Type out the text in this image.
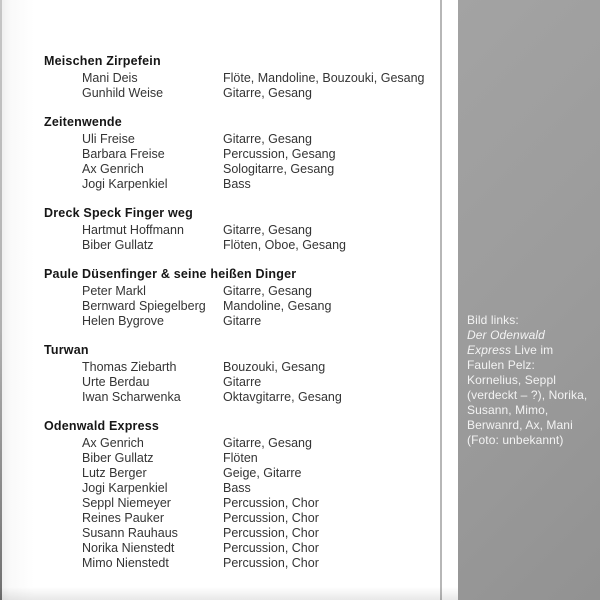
Meischen Zirpefein
Mani Deis	Flöte, Mandoline, Bouzouki, Gesang
Gunhild Weise	Gitarre, Gesang
Zeitenwende
Uli Freise	Gitarre, Gesang
Barbara Freise	Percussion, Gesang
Ax Genrich	Sologitarre, Gesang
Jogi Karpenkiel	Bass
Dreck Speck Finger weg
Hartmut Hoffmann	Gitarre, Gesang
Biber Gullatz	Flöten, Oboe, Gesang
Paule Düsenfinger & seine heißen Dinger
Peter Markl	Gitarre, Gesang
Bernward Spiegelberg	Mandoline, Gesang
Helen Bygrove	Gitarre
Turwan
Thomas Ziebarth	Bouzouki, Gesang
Urte Berdau	Gitarre
Iwan Scharwenka	Oktavgitarre, Gesang
Odenwald Express
Ax Genrich	Gitarre, Gesang
Biber Gullatz	Flöten
Lutz Berger	Geige, Gitarre
Jogi Karpenkiel	Bass
Seppl Niemeyer	Percussion, Chor
Reines Pauker	Percussion, Chor
Susann Rauhaus	Percussion, Chor
Norika Nienstedt	Percussion, Chor
Mimo Nienstedt	Percussion, Chor

Bild links:
Der Odenwald
Express Live im
Faulen Pelz:
Kornelius, Seppl
(verdeckt – ?), Norika,
Susann, Mimo,
Berwanrd, Ax, Mani
(Foto: unbekannt)
